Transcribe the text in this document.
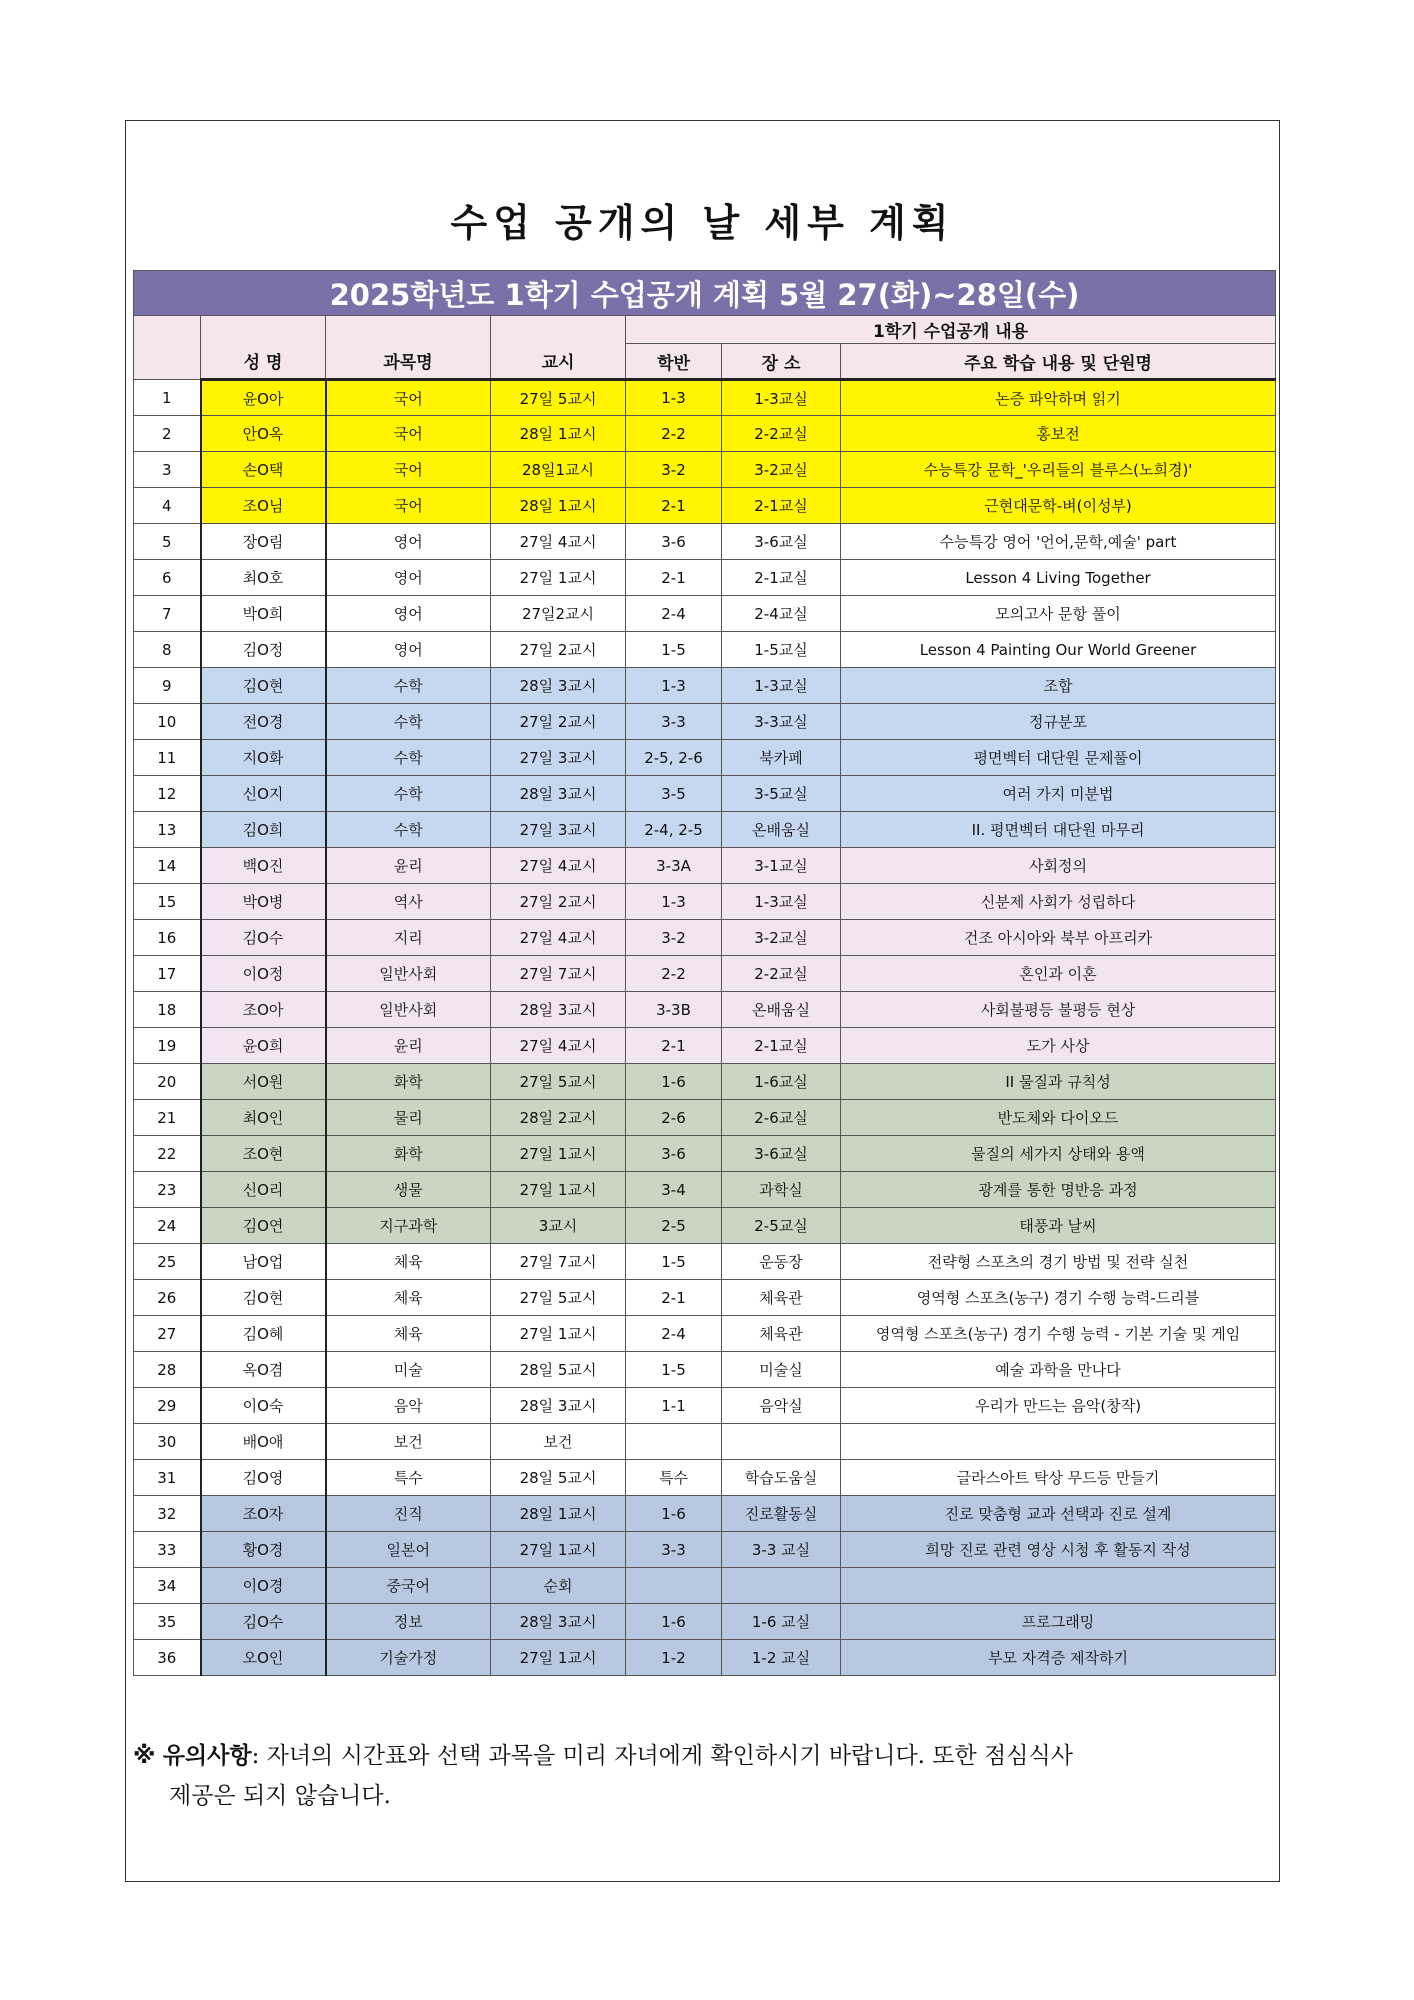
수업 공개의 날 세부 계획
2025학년도 1학기 수업공개 계획 5월 27(화)~28일(수)						
	성 명	과목명	교시	1학기 수업공개 내용		
				학반	장 소	주요 학습 내용 및 단원명
1	윤O아	국어	27일 5교시	1-3	1-3교실	논증 파악하며 읽기
2	안O옥	국어	28일 1교시	2-2	2-2교실	홍보전
3	손O택	국어	28일1교시	3-2	3-2교실	수능특강 문학_'우리들의 블루스(노희경)'
4	조O님	국어	28일 1교시	2-1	2-1교실	근현대문학-벼(이성부)
5	장O림	영어	27일 4교시	3-6	3-6교실	수능특강 영어 '언어,문학,예술' part
6	최O호	영어	27일 1교시	2-1	2-1교실	Lesson 4 Living Together
7	박O희	영어	27일2교시	2-4	2-4교실	모의고사 문항 풀이
8	김O정	영어	27일 2교시	1-5	1-5교실	Lesson 4 Painting Our World Greener
9	김O현	수학	28일 3교시	1-3	1-3교실	조합
10	전O경	수학	27일 2교시	3-3	3-3교실	정규분포
11	지O화	수학	27일 3교시	2-5, 2-6	북카페	평면벡터 대단원 문제풀이
12	신O지	수학	28일 3교시	3-5	3-5교실	여러 가지 미분법
13	김O희	수학	27일 3교시	2-4, 2-5	온배움실	II. 평면벡터 대단원 마무리
14	백O진	윤리	27일 4교시	3-3A	3-1교실	사회정의
15	박O병	역사	27일 2교시	1-3	1-3교실	신분제 사회가 성립하다
16	김O수	지리	27일 4교시	3-2	3-2교실	건조 아시아와 북부 아프리카
17	이O정	일반사회	27일 7교시	2-2	2-2교실	혼인과 이혼
18	조O아	일반사회	28일 3교시	3-3B	온배움실	사회불평등 불평등 현상
19	윤O희	윤리	27일 4교시	2-1	2-1교실	도가 사상
20	서O원	화학	27일 5교시	1-6	1-6교실	II 물질과 규칙성
21	최O인	물리	28일 2교시	2-6	2-6교실	반도체와 다이오드
22	조O현	화학	27일 1교시	3-6	3-6교실	물질의 세가지 상태와 용액
23	신O리	생물	27일 1교시	3-4	과학실	광계를 통한 명반응 과정
24	김O연	지구과학	3교시	2-5	2-5교실	태풍과 날씨
25	남O업	체육	27일 7교시	1-5	운동장	전략형 스포츠의 경기 방법 및 전략 실천
26	김O현	체육	27일 5교시	2-1	체육관	영역형 스포츠(농구) 경기 수행 능력-드리블
27	김O혜	체육	27일 1교시	2-4	체육관	영역형 스포츠(농구) 경기 수행 능력 - 기본 기술 및 게임
28	옥O겸	미술	28일 5교시	1-5	미술실	예술 과학을 만나다
29	이O숙	음악	28일 3교시	1-1	음악실	우리가 만드는 음악(창작)
30	배O애	보건	보건			
31	김O영	특수	28일 5교시	특수	학습도움실	글라스아트 탁상 무드등 만들기
32	조O자	진직	28일 1교시	1-6	진로활동실	진로 맞춤형 교과 선택과 진로 설계
33	황O경	일본어	27일 1교시	3-3	3-3 교실	희망 진로 관련 영상 시청 후 활동지 작성
34	이O경	중국어	순회			
35	김O수	정보	28일 3교시	1-6	1-6 교실	프로그래밍
36	오O인	기술가정	27일 1교시	1-2	1-2 교실	부모 자격증 제작하기
※ 유의사항: 자녀의 시간표와 선택 과목을 미리 자녀에게 확인하시기 바랍니다. 또한 점심식사
제공은 되지 않습니다.
